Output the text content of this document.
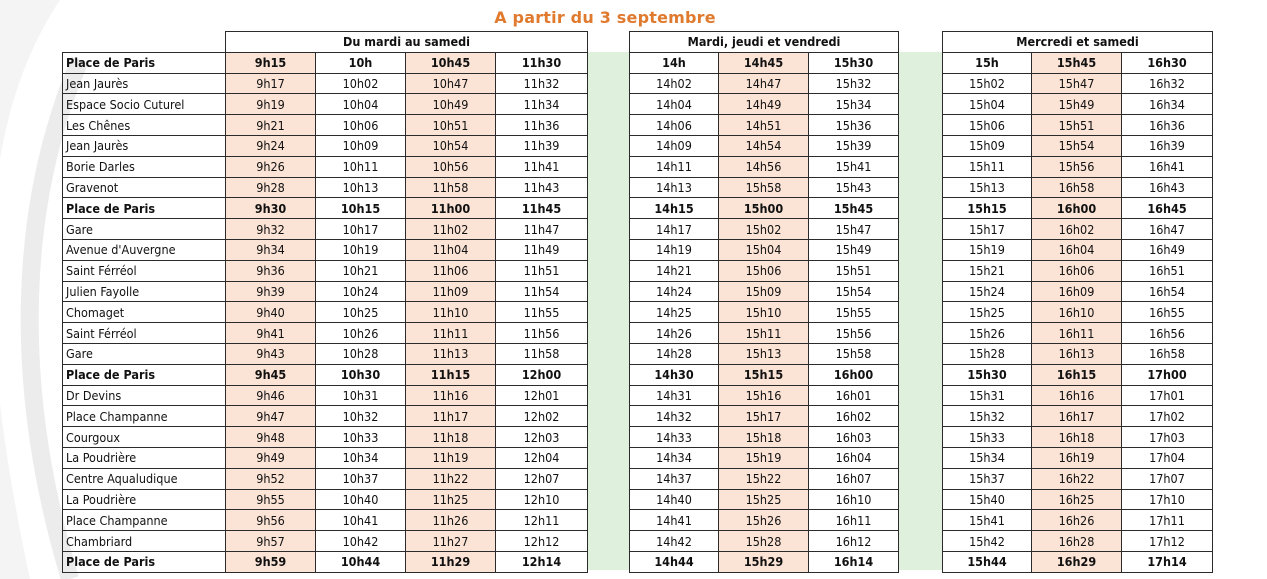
A partir du 3 septembre
	Du mardi au samedi			
Place de Paris	9h15	10h	10h45	11h30
Jean Jaurès	9h17	10h02	10h47	11h32
Espace Socio Cuturel	9h19	10h04	10h49	11h34
Les Chênes	9h21	10h06	10h51	11h36
Jean Jaurès	9h24	10h09	10h54	11h39
Borie Darles	9h26	10h11	10h56	11h41
Gravenot	9h28	10h13	11h58	11h43
Place de Paris	9h30	10h15	11h00	11h45
Gare	9h32	10h17	11h02	11h47
Avenue d'Auvergne	9h34	10h19	11h04	11h49
Saint Férréol	9h36	10h21	11h06	11h51
Julien Fayolle	9h39	10h24	11h09	11h54
Chomaget	9h40	10h25	11h10	11h55
Saint Férréol	9h41	10h26	11h11	11h56
Gare	9h43	10h28	11h13	11h58
Place de Paris	9h45	10h30	11h15	12h00
Dr Devins	9h46	10h31	11h16	12h01
Place Champanne	9h47	10h32	11h17	12h02
Courgoux	9h48	10h33	11h18	12h03
La Poudrière	9h49	10h34	11h19	12h04
Centre Aqualudique	9h52	10h37	11h22	12h07
La Poudrière	9h55	10h40	11h25	12h10
Place Champanne	9h56	10h41	11h26	12h11
Chambriard	9h57	10h42	11h27	12h12
Place de Paris	9h59	10h44	11h29	12h14
Mardi, jeudi et vendredi		
14h	14h45	15h30
14h02	14h47	15h32
14h04	14h49	15h34
14h06	14h51	15h36
14h09	14h54	15h39
14h11	14h56	15h41
14h13	15h58	15h43
14h15	15h00	15h45
14h17	15h02	15h47
14h19	15h04	15h49
14h21	15h06	15h51
14h24	15h09	15h54
14h25	15h10	15h55
14h26	15h11	15h56
14h28	15h13	15h58
14h30	15h15	16h00
14h31	15h16	16h01
14h32	15h17	16h02
14h33	15h18	16h03
14h34	15h19	16h04
14h37	15h22	16h07
14h40	15h25	16h10
14h41	15h26	16h11
14h42	15h28	16h12
14h44	15h29	16h14
Mercredi et samedi		
15h	15h45	16h30
15h02	15h47	16h32
15h04	15h49	16h34
15h06	15h51	16h36
15h09	15h54	16h39
15h11	15h56	16h41
15h13	16h58	16h43
15h15	16h00	16h45
15h17	16h02	16h47
15h19	16h04	16h49
15h21	16h06	16h51
15h24	16h09	16h54
15h25	16h10	16h55
15h26	16h11	16h56
15h28	16h13	16h58
15h30	16h15	17h00
15h31	16h16	17h01
15h32	16h17	17h02
15h33	16h18	17h03
15h34	16h19	17h04
15h37	16h22	17h07
15h40	16h25	17h10
15h41	16h26	17h11
15h42	16h28	17h12
15h44	16h29	17h14
